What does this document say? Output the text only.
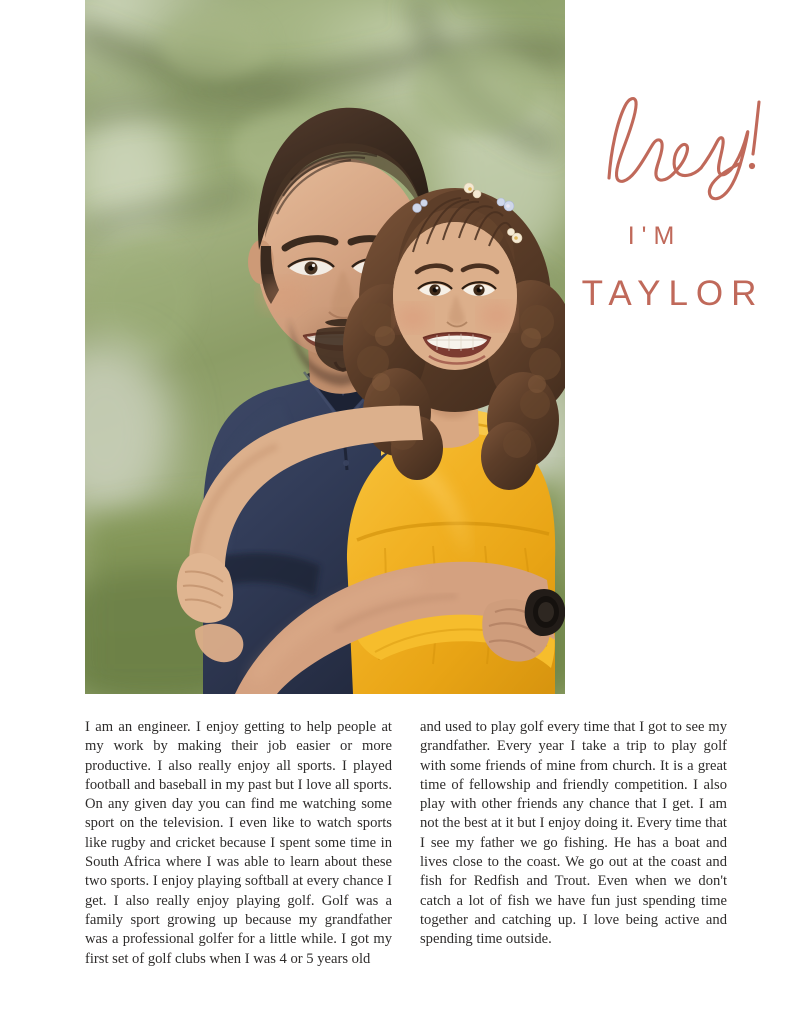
I'M
TAYLOR

I am an engineer. I enjoy getting to help people at my work by making their job easier or more productive. I also really enjoy all sports. I played football and baseball in my past but I love all sports. On any given day you can find me watching some sport on the television. I even like to watch sports like rugby and cricket because I spent some time in South Africa where I was able to learn about these two sports. I enjoy playing softball at every chance I get. I also really enjoy playing golf. Golf was a family sport growing up because my grandfather was a professional golfer for a little while. I got my first set of golf clubs when I was 4 or 5 years old

and used to play golf every time that I got to see my grandfather. Every year I take a trip to play golf with some friends of mine from church. It is a great time of fellowship and friendly competition. I also play with other friends any chance that I get. I am not the best at it but I enjoy doing it. Every time that I see my father we go fishing. He has a boat and lives close to the coast. We go out at the coast and fish for Redfish and Trout. Even when we don't catch a lot of fish we have fun just spending time together and catching up. I love being active and spending time outside.
